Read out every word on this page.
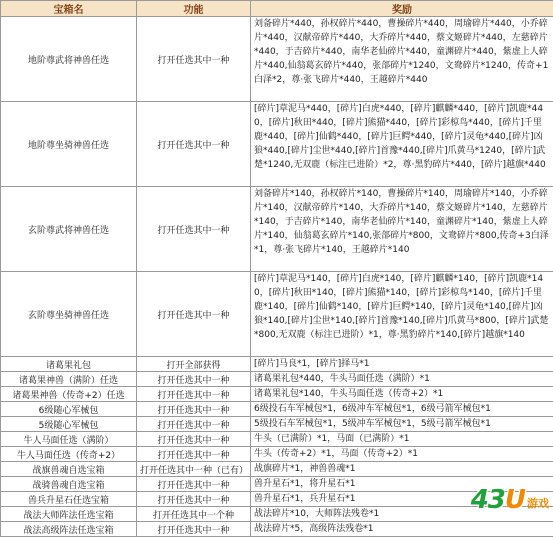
宝箱名	功能	奖励
地阶尊武将神兽任选	打开任选其中一种	刘备碎片*440，孙权碎片*440，曹操碎片*440，周瑜碎片*440，小乔碎片*440，汉献帝碎片*440，大乔碎片*440，蔡文姬碎片*440，左慈碎片*440，于吉碎片*440，南华老仙碎片*440，童渊碎片*440，紫虚上人碎片*440,仙翁葛玄碎片*440，张郃碎片*1240，文鸯碎片*1240，传奇+1白泽*2，尊·张飞碎片*440，王越碎片*440
地阶尊坐骑神兽任选	打开任选其中一种	[碎片]草泥马*440，[碎片]白虎*440，[碎片]麒麟*440，[碎片]凯鹿*440，[碎片]秋田*440，[碎片]熊猫*440，[碎片]彩椋鸟*440，[碎片]千里鹿*440，[碎片]仙鹤*440，[碎片]巨鳄*440，[碎片]灵龟*440,[碎片]凶狼*440,[碎片]尘世*440,[碎片]首豫*440,[碎片]爪黄马*1240，[碎片]武楚*1240,无双鹿（标注已进阶）*2，尊·黑豹碎片*440，[碎片]越旗*440
玄阶尊武将神兽任选	打开任选其中一种	刘备碎片*140，孙权碎片*140，曹操碎片*140，周瑜碎片*140，小乔碎片*140，汉献帝碎片*140，大乔碎片*140，蔡文姬碎片*140，左慈碎片*140，于吉碎片*140，南华老仙碎片*140，童渊碎片*140，紫虚上人碎片*140，仙翁葛玄碎片*140,张郃碎片*800，文鸯碎片*800,传奇+3白泽*1，尊·张飞碎片*140，王越碎片*140
玄阶尊坐骑神兽任选	打开任选其中一种	[碎片]草泥马*140，[碎片]白虎*140，[碎片]麒麟*140，[碎片]凯鹿*140，[碎片]秋田*140，[碎片]熊猫*140，[碎片]彩椋鸟*140，[碎片]千里鹿*140，[碎片]仙鹤*140，[碎片]巨鳄*140，[碎片]灵龟*140,[碎片]凶狼*140,[碎片]尘世*140,[碎片]首豫*140,[碎片]爪黄马*800，[碎片]武楚*800,无双鹿（标注已进阶）*1，尊·黑豹碎片*140,[碎片]越旗*140
诸葛果礼包	打开全部获得	[碎片]马良*1，[碎片]择马*1
诸葛果神兽（满阶）任选	打开任选其中一种	诸葛果礼包*440，牛头马面任选（满阶）*1
诸葛果神兽（传奇+2）任选	打开任选其中一种	诸葛果礼包*140，牛头马面任选（传奇+2）*1
6级随心军械包	打开任选其中一种	6级投石车军械包*1，6级冲车军械包*1，6级弓箭军械包*1
5级随心军械包	打开任选其中一种	5级投石车军械包*1，5级冲车军械包*1，5级弓箭军械包*1
牛人马面任选（满阶）	打开任选其中一种	牛头（已满阶）*1，马面（已满阶）*1
牛人马面任选（传奇+2）	打开任选其中一种	牛头（传奇+2）*1，马面（传奇+2）*1
战旗兽魂自选宝箱	打开任选其中一种（已有）	战旗碎片*1，神兽兽魂*1
战骑兽魂自选宝箱	打开任选其中一种	兽升星石*1，将升星石*1
兽兵升星石任选宝箱	打开任选其中一种	兽升星石*1，兵升星石*1
战法大师阵法任选宝箱	打开任选其中一个种	战法碎片*10，大师阵法残卷*1
战法高级阵法任选宝箱	打开任选其中一种	战法碎片*5，高级阵法残卷*1
43U 游戏
